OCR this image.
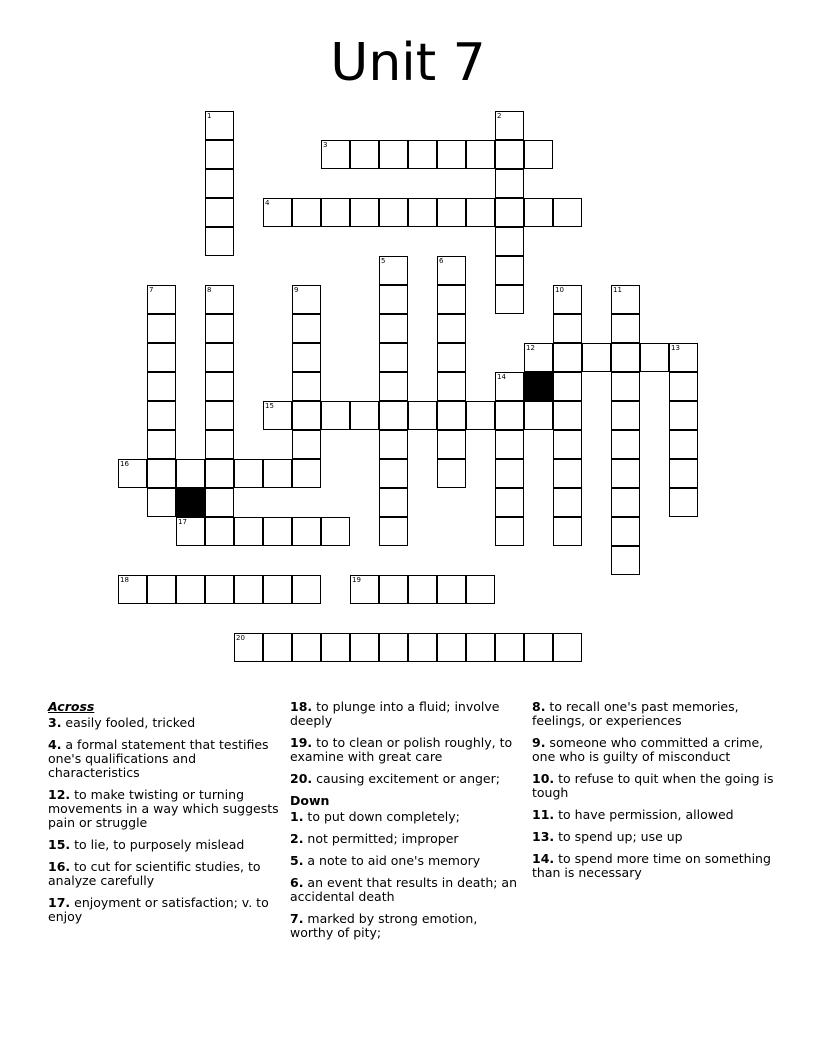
Unit 7
1	2
3
4
5	6
7	8	9	10	11
12	13
14
15
16
17
18	19
20
Across
3. easily fooled, tricked
4. a formal statement that testifies one's qualifications and characteristics
12. to make twisting or turning movements in a way which suggests pain or struggle
15. to lie, to purposely mislead
16. to cut for scientific studies, to analyze carefully
17. enjoyment or satisfaction; v. to enjoy
18. to plunge into a fluid; involve deeply
19. to to clean or polish roughly, to examine with great care
20. causing excitement or anger;
Down
1. to put down completely;
2. not permitted; improper
5. a note to aid one's memory
6. an event that results in death; an accidental death
7. marked by strong emotion, worthy of pity;
8. to recall one's past memories, feelings, or experiences
9. someone who committed a crime, one who is guilty of misconduct
10. to refuse to quit when the going is tough
11. to have permission, allowed
13. to spend up; use up
14. to spend more time on something than is necessary
